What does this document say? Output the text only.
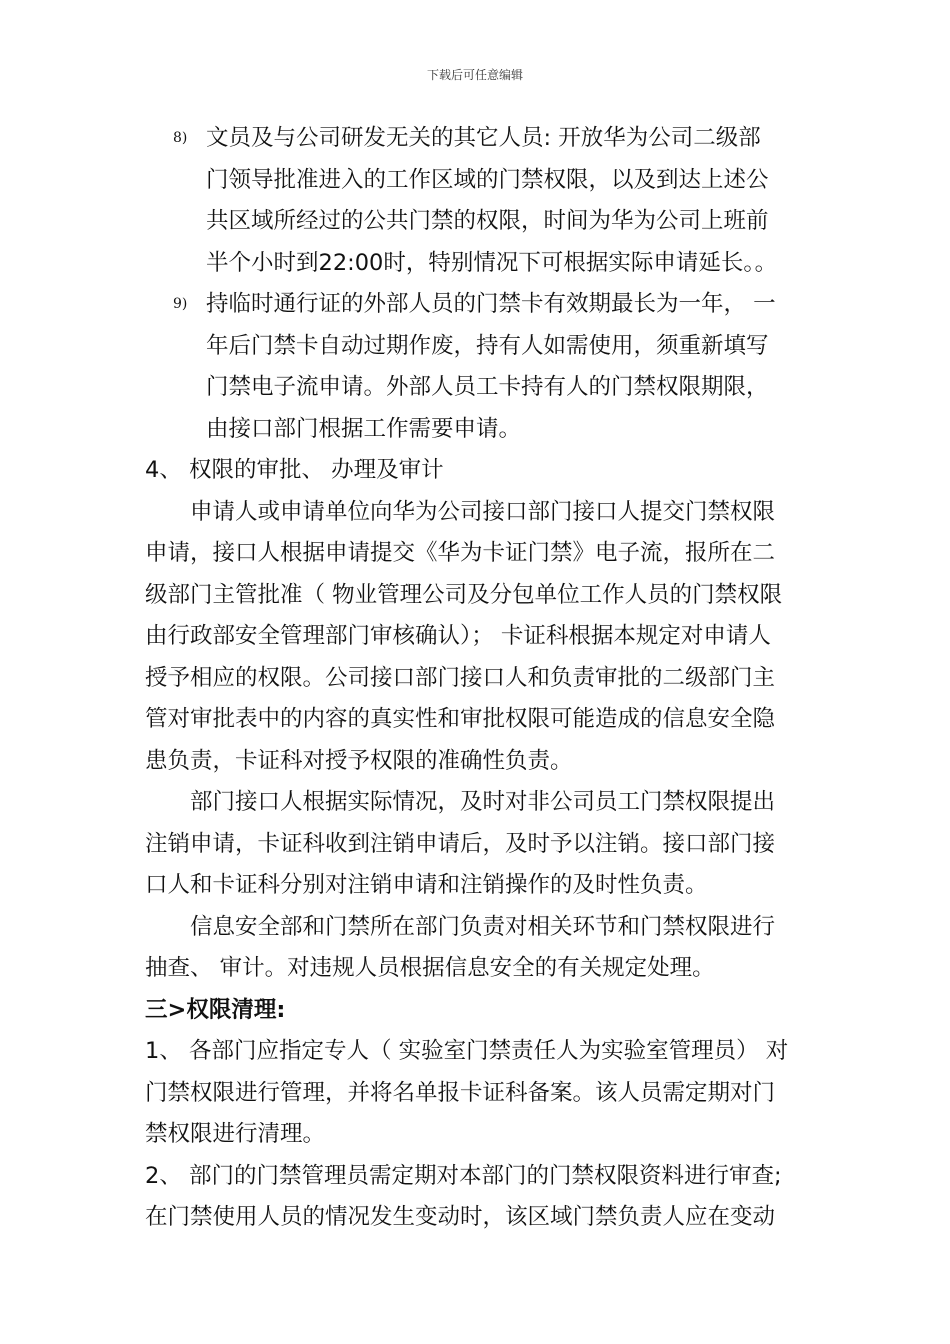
下载后可任意编辑
8) 文员及与公司研发无关的其它人员: 开放华为公司二级部
门领导批准进入的工作区域的门禁权限，以及到达上述公
共区域所经过的公共门禁的权限，时间为华为公司上班前
半个小时到22:00时，特别情况下可根据实际申请延长。。
9) 持临时通行证的外部人员的门禁卡有效期最长为一年， 一
年后门禁卡自动过期作废，持有人如需使用，须重新填写
门禁电子流申请。外部人员工卡持有人的门禁权限期限，
由接口部门根据工作需要申请。
4、 权限的审批、 办理及审计
申请人或申请单位向华为公司接口部门接口人提交门禁权限
申请，接口人根据申请提交《华为卡证门禁》电子流，报所在二
级部门主管批准（ 物业管理公司及分包单位工作人员的门禁权限
由行政部安全管理部门审核确认）； 卡证科根据本规定对申请人
授予相应的权限。公司接口部门接口人和负责审批的二级部门主
管对审批表中的内容的真实性和审批权限可能造成的信息安全隐
患负责，卡证科对授予权限的准确性负责。
部门接口人根据实际情况，及时对非公司员工门禁权限提出
注销申请，卡证科收到注销申请后，及时予以注销。接口部门接
口人和卡证科分别对注销申请和注销操作的及时性负责。
信息安全部和门禁所在部门负责对相关环节和门禁权限进行
抽查、 审计。对违规人员根据信息安全的有关规定处理。
三>权限清理:
1、 各部门应指定专人（ 实验室门禁责任人为实验室管理员） 对
门禁权限进行管理，并将名单报卡证科备案。该人员需定期对门
禁权限进行清理。
2、 部门的门禁管理员需定期对本部门的门禁权限资料进行审查;
在门禁使用人员的情况发生变动时，该区域门禁负责人应在变动
